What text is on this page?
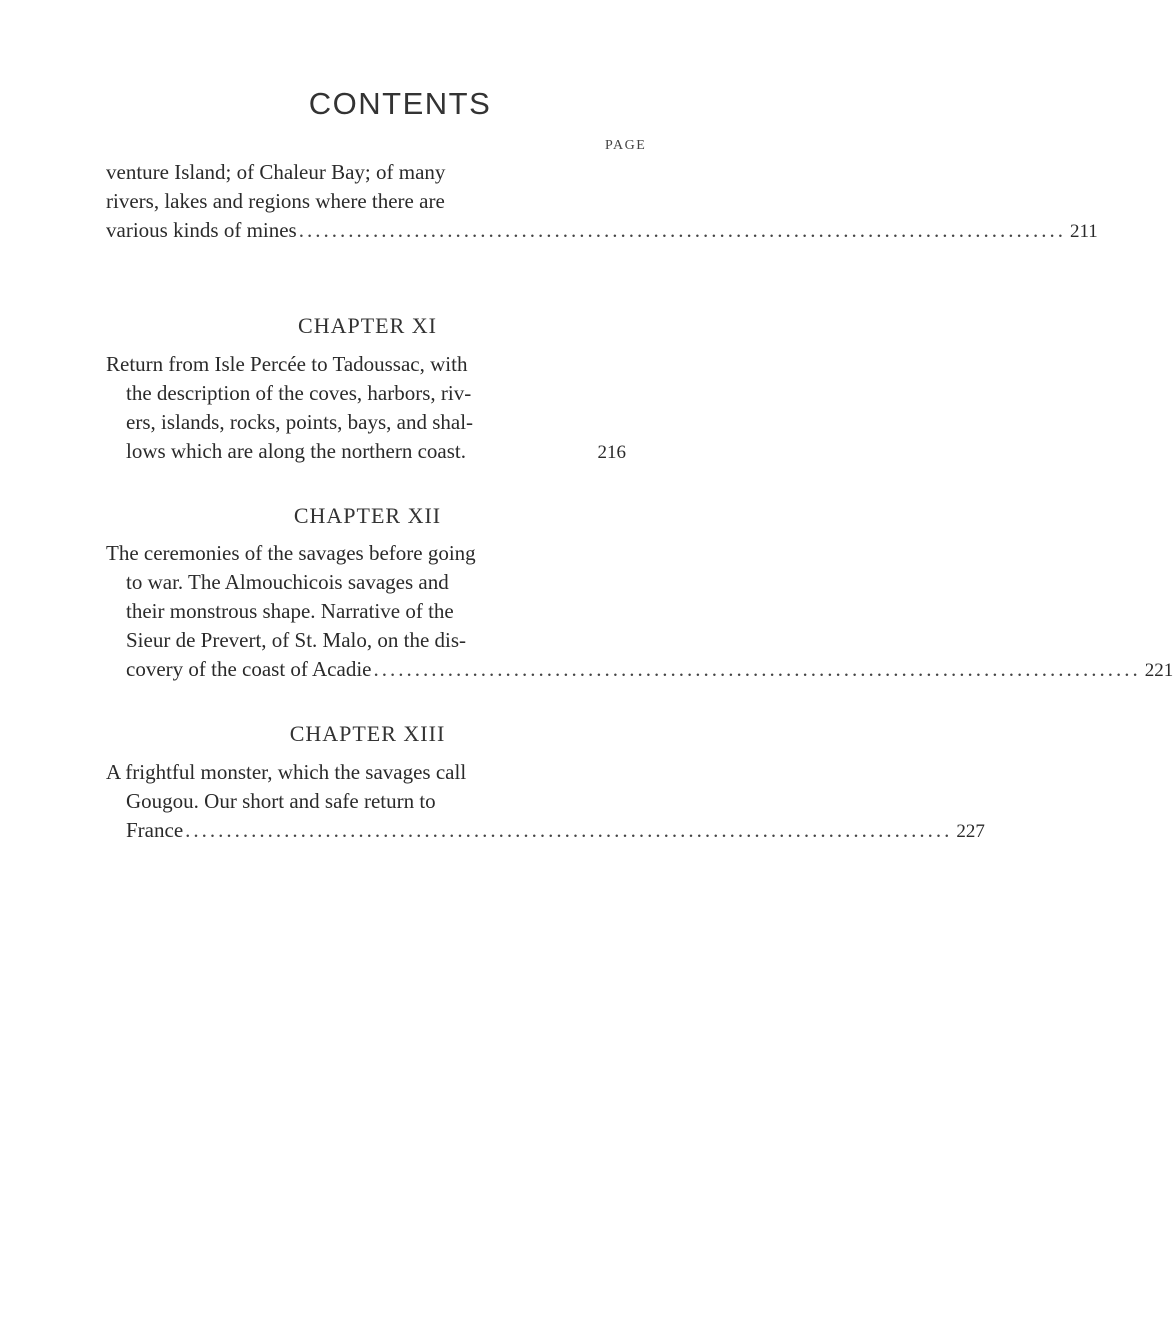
CONTENTS
PAGE
venture Island; of Chaleur Bay; of many
rivers, lakes and regions where there are
various kinds of mines ............................................................................................. 211
CHAPTER XI
Return from Isle Percée to Tadoussac, with
the description of the coves, harbors, riv-
ers, islands, rocks, points, bays, and shal-
lows which are along the northern coast.	216
CHAPTER XII
The ceremonies of the savages before going
to war. The Almouchicois savages and
their monstrous shape. Narrative of the
Sieur de Prevert, of St. Malo, on the dis-
covery of the coast of Acadie ............................................................................................. 221
CHAPTER XIII
A frightful monster, which the savages call
Gougou. Our short and safe return to
France ............................................................................................. 227
